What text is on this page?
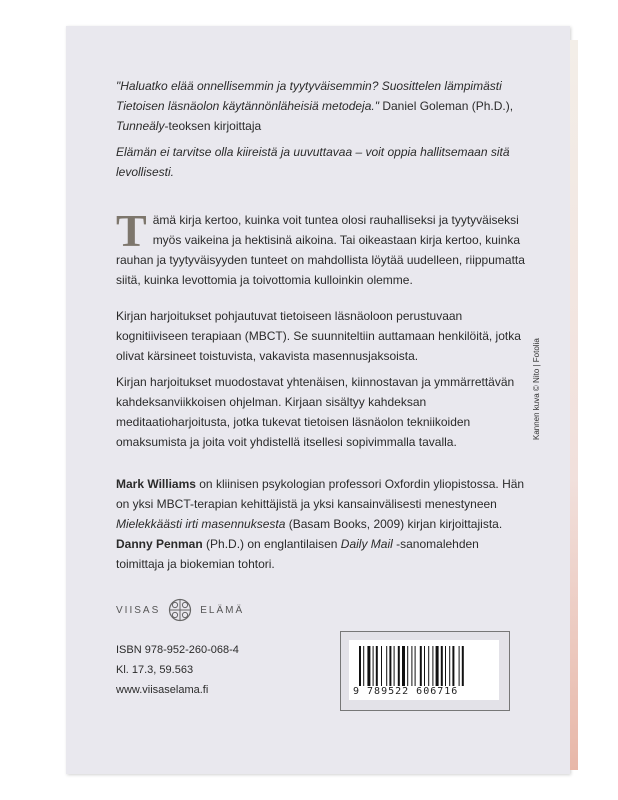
"Haluatko elää onnellisemmin ja tyytyväisemmin? Suosittelen lämpimästi Tietoisen läsnäolon käytännönläheisiä metodeja." Daniel Goleman (Ph.D.),
Tunneäly-teoksen kirjoittaja
Elämän ei tarvitse olla kiireistä ja uuvuttavaa – voit oppia hallitsemaan sitä levollisesti.
Tämä kirja kertoo, kuinka voit tuntea olosi rauhalliseksi ja tyytyväiseksi myös vaikeina ja hektisinä aikoina. Tai oikeastaan kirja kertoo, kuinka rauhan ja tyytyväisyyden tunteet on mahdollista löytää uudelleen, riippumatta siitä, kuinka levottomia ja toivottomia kulloinkin olemme.
Kirjan harjoitukset pohjautuvat tietoiseen läsnäoloon perustuvaan kognitiiviseen terapiaan (MBCT). Se suunniteltiin auttamaan henkilöitä, jotka olivat kärsineet toistuvista, vakavista masennusjaksoista.
Kirjan harjoitukset muodostavat yhtenäisen, kiinnostavan ja ymmärrettävän kahdeksanviikkoisen ohjelman. Kirjaan sisältyy kahdeksan meditaatioharjoitusta, jotka tukevat tietoisen läsnäolon tekniikoiden omaksumista ja joita voit yhdistellä itsellesi sopivimmalla tavalla.
Mark Williams on kliinisen psykologian professori Oxfordin yliopistossa. Hän on yksi MBCT-terapian kehittäjistä ja yksi kansainvälisesti menestyneen Mielekkäästi irti masennuksesta (Basam Books, 2009) kirjan kirjoittajista.
Danny Penman (Ph.D.) on englantilaisen Daily Mail -sanomalehden toimittaja ja biokemian tohtori.
VIISAS	ELÄMÄ
ISBN 978-952-260-068-4
Kl. 17.3, 59.563
www.viisaselama.fi	9 789522 606716
Kannen kuva © Nito | Fotolia
